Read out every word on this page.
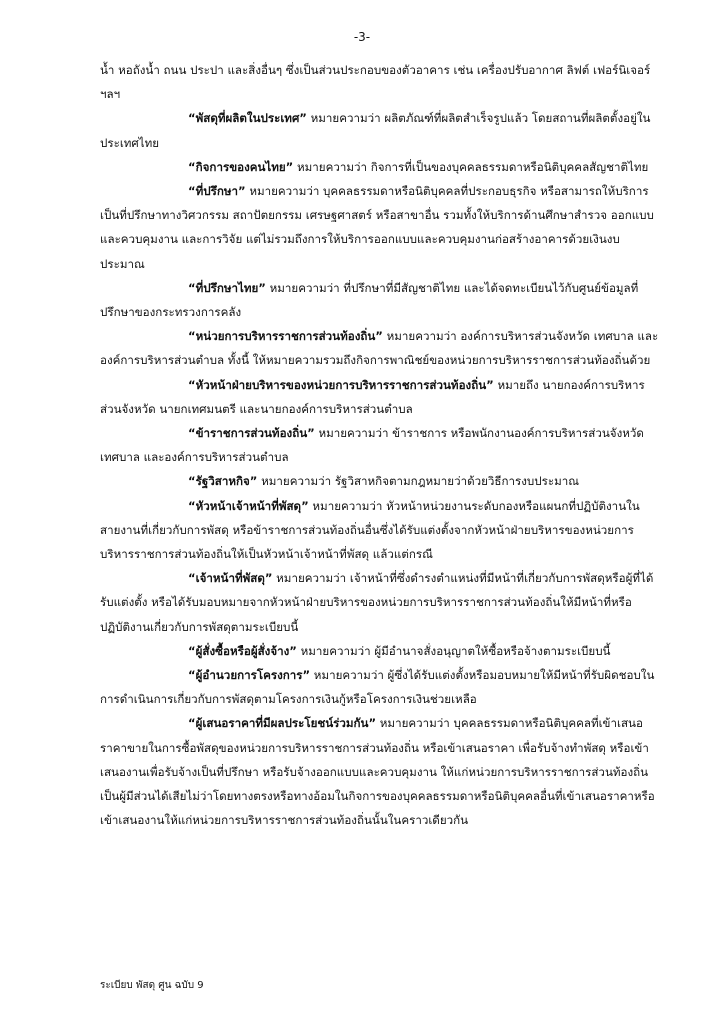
-3-

น้ำ หอถังน้ำ ถนน ประปา และสิ่งอื่นๆ ซึ่งเป็นส่วนประกอบของตัวอาคาร เช่น เครื่องปรับอากาศ ลิฟต์ เฟอร์นิเจอร์ ฯลฯ

“พัสดุที่ผลิตในประเทศ” หมายความว่า ผลิตภัณฑ์ที่ผลิตสำเร็จรูปแล้ว โดยสถานที่ผลิตตั้งอยู่ในประเทศไทย

“กิจการของคนไทย” หมายความว่า กิจการที่เป็นของบุคคลธรรมดาหรือนิติบุคคลสัญชาติไทย

“ที่ปรึกษา” หมายความว่า บุคคลธรรมดาหรือนิติบุคคลที่ประกอบธุรกิจ หรือสามารถให้บริการเป็นที่ปรึกษาทางวิศวกรรม สถาปัตยกรรม เศรษฐศาสตร์ หรือสาขาอื่น รวมทั้งให้บริการด้านศึกษาสำรวจ ออกแบบและควบคุมงาน และการวิจัย แต่ไม่รวมถึงการให้บริการออกแบบและควบคุมงานก่อสร้างอาคารด้วยเงินงบประมาณ

“ที่ปรึกษาไทย” หมายความว่า ที่ปรึกษาที่มีสัญชาติไทย และได้จดทะเบียนไว้กับศูนย์ข้อมูลที่ปรึกษาของกระทรวงการคลัง

“หน่วยการบริหารราชการส่วนท้องถิ่น” หมายความว่า องค์การบริหารส่วนจังหวัด เทศบาล และองค์การบริหารส่วนตำบล ทั้งนี้ ให้หมายความรวมถึงกิจการพาณิชย์ของหน่วยการบริหารราชการส่วนท้องถิ่นด้วย

“หัวหน้าฝ่ายบริหารของหน่วยการบริหารราชการส่วนท้องถิ่น” หมายถึง นายกองค์การบริหารส่วนจังหวัด นายกเทศมนตรี และนายกองค์การบริหารส่วนตำบล

“ข้าราชการส่วนท้องถิ่น” หมายความว่า ข้าราชการ หรือพนักงานองค์การบริหารส่วนจังหวัด เทศบาล และองค์การบริหารส่วนตำบล

“รัฐวิสาหกิจ” หมายความว่า รัฐวิสาหกิจตามกฎหมายว่าด้วยวิธีการงบประมาณ

“หัวหน้าเจ้าหน้าที่พัสดุ” หมายความว่า หัวหน้าหน่วยงานระดับกองหรือแผนกที่ปฏิบัติงานในสายงานที่เกี่ยวกับการพัสดุ หรือข้าราชการส่วนท้องถิ่นอื่นซึ่งได้รับแต่งตั้งจากหัวหน้าฝ่ายบริหารของหน่วยการบริหารราชการส่วนท้องถิ่นให้เป็นหัวหน้าเจ้าหน้าที่พัสดุ แล้วแต่กรณี

“เจ้าหน้าที่พัสดุ” หมายความว่า เจ้าหน้าที่ซึ่งดำรงตำแหน่งที่มีหน้าที่เกี่ยวกับการพัสดุหรือผู้ที่ได้รับแต่งตั้ง หรือได้รับมอบหมายจากหัวหน้าฝ่ายบริหารของหน่วยการบริหารราชการส่วนท้องถิ่นให้มีหน้าที่หรือปฏิบัติงานเกี่ยวกับการพัสดุตามระเบียบนี้

“ผู้สั่งซื้อหรือผู้สั่งจ้าง” หมายความว่า ผู้มีอำนาจสั่งอนุญาตให้ซื้อหรือจ้างตามระเบียบนี้

“ผู้อำนวยการโครงการ” หมายความว่า ผู้ซึ่งได้รับแต่งตั้งหรือมอบหมายให้มีหน้าที่รับผิดชอบในการดำเนินการเกี่ยวกับการพัสดุตามโครงการเงินกู้หรือโครงการเงินช่วยเหลือ

“ผู้เสนอราคาที่มีผลประโยชน์ร่วมกัน” หมายความว่า บุคคลธรรมดาหรือนิติบุคคลที่เข้าเสนอราคาขายในการซื้อพัสดุของหน่วยการบริหารราชการส่วนท้องถิ่น หรือเข้าเสนอราคา เพื่อรับจ้างทำพัสดุ หรือเข้าเสนองานเพื่อรับจ้างเป็นที่ปรึกษา หรือรับจ้างออกแบบและควบคุมงาน ให้แก่หน่วยการบริหารราชการส่วนท้องถิ่น เป็นผู้มีส่วนได้เสียไม่ว่าโดยทางตรงหรือทางอ้อมในกิจการของบุคคลธรรมดาหรือนิติบุคคลอื่นที่เข้าเสนอราคาหรือเข้าเสนองานให้แก่หน่วยการบริหารราชการส่วนท้องถิ่นนั้นในคราวเดียวกัน

ระเบียบ พัสดุ ศูน ฉบับ 9
